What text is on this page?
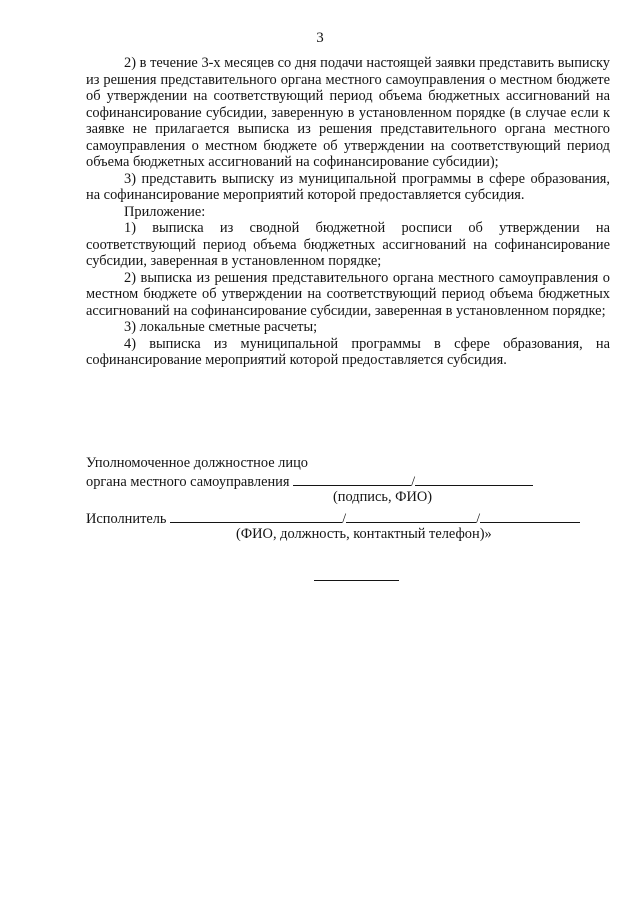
3

2) в течение 3-х месяцев со дня подачи настоящей заявки представить выписку из решения представительного органа местного самоуправления о местном бюджете об утверждении на соответствующий период объема бюджетных ассигнований на софинансирование субсидии, заверенную в установленном порядке (в случае если к заявке не прилагается выписка из решения представительного органа местного самоуправления о местном бюджете об утверждении на соответствующий период объема бюджетных ассигнований на софинансирование субсидии);

3) представить выписку из муниципальной программы в сфере образования, на софинансирование мероприятий которой предоставляется субсидия.

Приложение:

1) выписка из сводной бюджетной росписи об утверждении на соответствующий период объема бюджетных ассигнований на софинансирование субсидии, заверенная в установленном порядке;

2) выписка из решения представительного органа местного самоуправления о местном бюджете об утверждении на соответствующий период объема бюджетных ассигнований на софинансирование субсидии, заверенная в установленном порядке;

3) локальные сметные расчеты;

4) выписка из муниципальной программы в сфере образования, на софинансирование мероприятий которой предоставляется субсидия.

Уполномоченное должностное лицо
органа местного самоуправления	/
(подпись, ФИО)
Исполнитель	/	/
(ФИО, должность, контактный телефон)»
